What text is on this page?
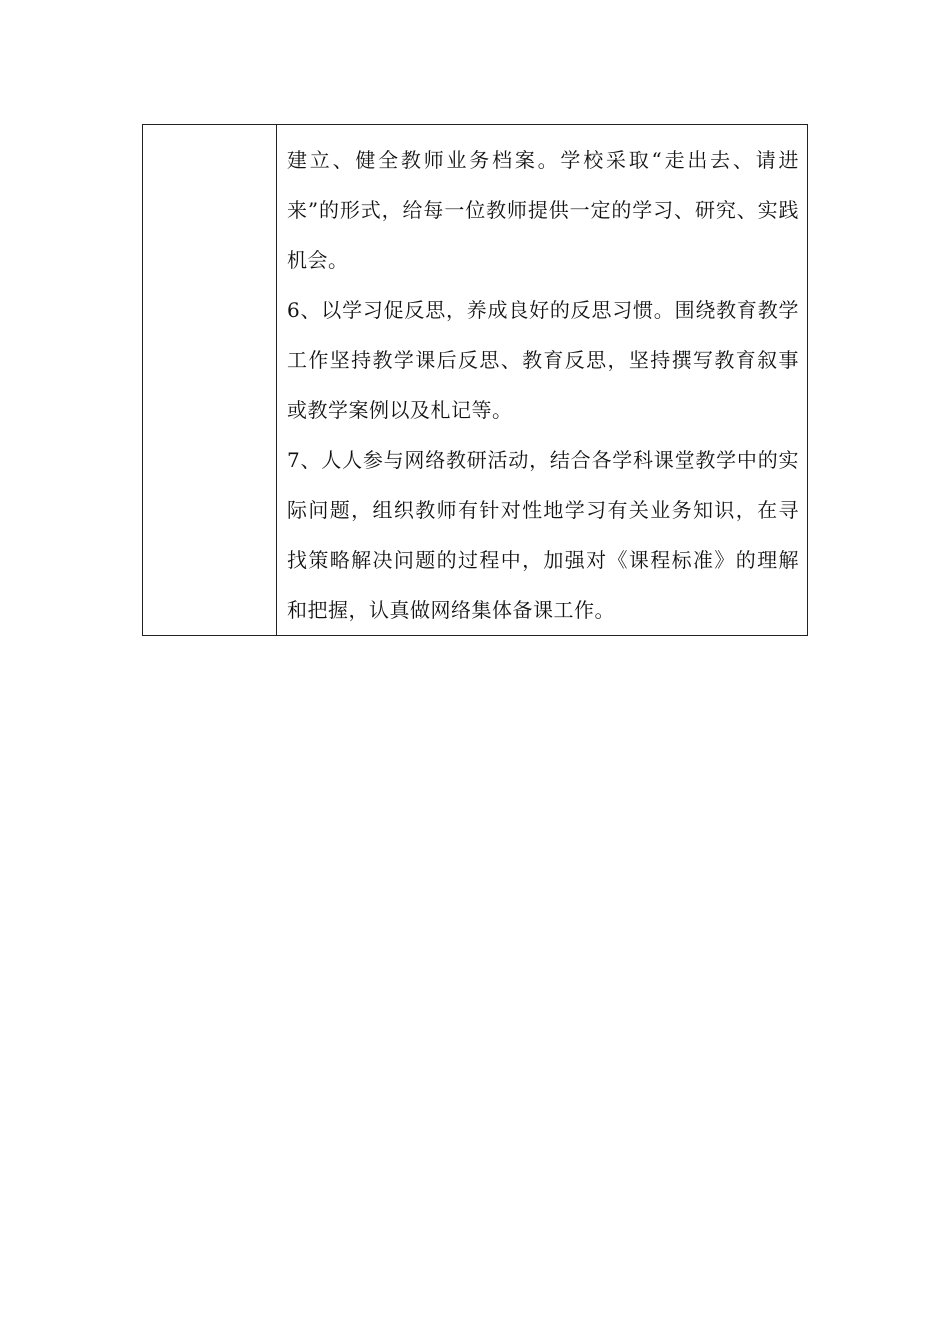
建立、健全教师业务档案。学校采取“走出去、请进来”的形式，给每一位教师提供一定的学习、研究、实践机会。

6、以学习促反思，养成良好的反思习惯。围绕教育教学工作坚持教学课后反思、教育反思，坚持撰写教育叙事或教学案例以及札记等。

7、人人参与网络教研活动，结合各学科课堂教学中的实际问题，组织教师有针对性地学习有关业务知识，在寻找策略解决问题的过程中，加强对《课程标准》的理解和把握，认真做网络集体备课工作。
